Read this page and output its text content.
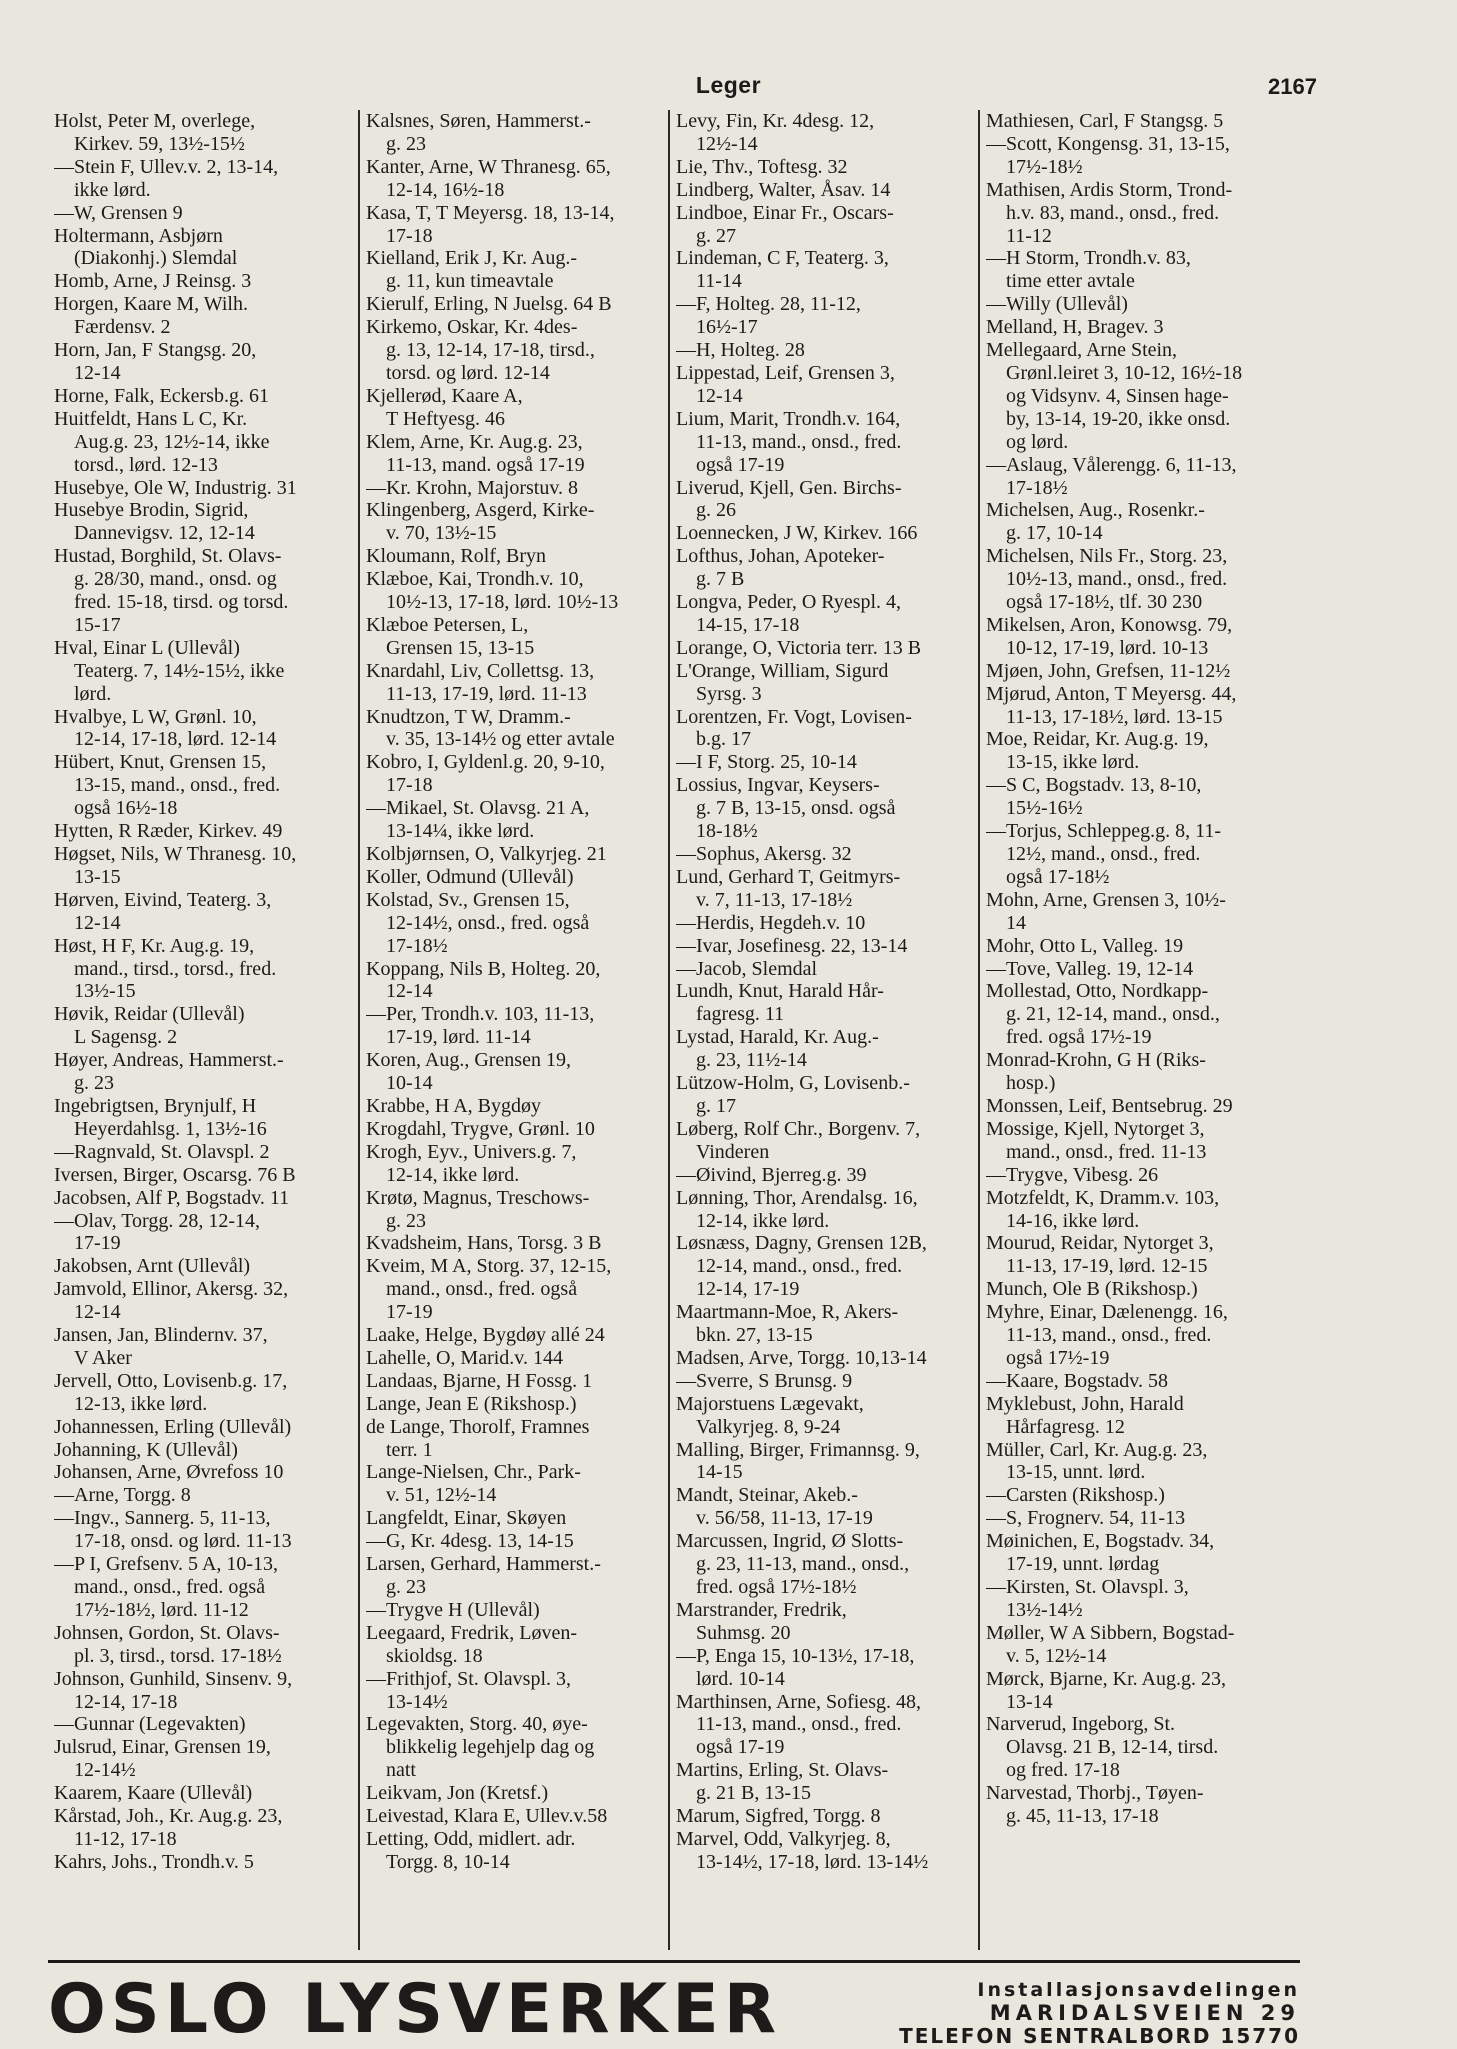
Leger	2167
Holst, Peter M, overlege,
Kirkev. 59, 13½-15½
—Stein F, Ullev.v. 2, 13-14,
ikke lørd.
—W, Grensen 9
Holtermann, Asbjørn
(Diakonhj.) Slemdal
Homb, Arne, J Reinsg. 3
Horgen, Kaare M, Wilh.
Færdensv. 2
Horn, Jan, F Stangsg. 20,
12-14
Horne, Falk, Eckersb.g. 61
Huitfeldt, Hans L C, Kr.
Aug.g. 23, 12½-14, ikke
torsd., lørd. 12-13
Husebye, Ole W, Industrig. 31
Husebye Brodin, Sigrid,
Dannevigsv. 12, 12-14
Hustad, Borghild, St. Olavs-
g. 28/30, mand., onsd. og
fred. 15-18, tirsd. og torsd.
15-17
Hval, Einar L (Ullevål)
Teaterg. 7, 14½-15½, ikke
lørd.
Hvalbye, L W, Grønl. 10,
12-14, 17-18, lørd. 12-14
Hübert, Knut, Grensen 15,
13-15, mand., onsd., fred.
også 16½-18
Hytten, R Ræder, Kirkev. 49
Høgset, Nils, W Thranesg. 10,
13-15
Hørven, Eivind, Teaterg. 3,
12-14
Høst, H F, Kr. Aug.g. 19,
mand., tirsd., torsd., fred.
13½-15
Høvik, Reidar (Ullevål)
L Sagensg. 2
Høyer, Andreas, Hammerst.-
g. 23
Ingebrigtsen, Brynjulf, H
Heyerdahlsg. 1, 13½-16
—Ragnvald, St. Olavspl. 2
Iversen, Birger, Oscarsg. 76 B
Jacobsen, Alf P, Bogstadv. 11
—Olav, Torgg. 28, 12-14,
17-19
Jakobsen, Arnt (Ullevål)
Jamvold, Ellinor, Akersg. 32,
12-14
Jansen, Jan, Blindernv. 37,
V Aker
Jervell, Otto, Lovisenb.g. 17,
12-13, ikke lørd.
Johannessen, Erling (Ullevål)
Johanning, K (Ullevål)
Johansen, Arne, Øvrefoss 10
—Arne, Torgg. 8
—Ingv., Sannerg. 5, 11-13,
17-18, onsd. og lørd. 11-13
—P I, Grefsenv. 5 A, 10-13,
mand., onsd., fred. også
17½-18½, lørd. 11-12
Johnsen, Gordon, St. Olavs-
pl. 3, tirsd., torsd. 17-18½
Johnson, Gunhild, Sinsenv. 9,
12-14, 17-18
—Gunnar (Legevakten)
Julsrud, Einar, Grensen 19,
12-14½
Kaarem, Kaare (Ullevål)
Kårstad, Joh., Kr. Aug.g. 23,
11-12, 17-18
Kahrs, Johs., Trondh.v. 5
Kalsnes, Søren, Hammerst.-
g. 23
Kanter, Arne, W Thranesg. 65,
12-14, 16½-18
Kasa, T, T Meyersg. 18, 13-14,
17-18
Kielland, Erik J, Kr. Aug.-
g. 11, kun timeavtale
Kierulf, Erling, N Juelsg. 64 B
Kirkemo, Oskar, Kr. 4des-
g. 13, 12-14, 17-18, tirsd.,
torsd. og lørd. 12-14
Kjellerød, Kaare A,
T Heftyesg. 46
Klem, Arne, Kr. Aug.g. 23,
11-13, mand. også 17-19
—Kr. Krohn, Majorstuv. 8
Klingenberg, Asgerd, Kirke-
v. 70, 13½-15
Kloumann, Rolf, Bryn
Klæboe, Kai, Trondh.v. 10,
10½-13, 17-18, lørd. 10½-13
Klæboe Petersen, L,
Grensen 15, 13-15
Knardahl, Liv, Collettsg. 13,
11-13, 17-19, lørd. 11-13
Knudtzon, T W, Dramm.-
v. 35, 13-14½ og etter avtale
Kobro, I, Gyldenl.g. 20, 9-10,
17-18
—Mikael, St. Olavsg. 21 A,
13-14¼, ikke lørd.
Kolbjørnsen, O, Valkyrjeg. 21
Koller, Odmund (Ullevål)
Kolstad, Sv., Grensen 15,
12-14½, onsd., fred. også
17-18½
Koppang, Nils B, Holteg. 20,
12-14
—Per, Trondh.v. 103, 11-13,
17-19, lørd. 11-14
Koren, Aug., Grensen 19,
10-14
Krabbe, H A, Bygdøy
Krogdahl, Trygve, Grønl. 10
Krogh, Eyv., Univers.g. 7,
12-14, ikke lørd.
Krøtø, Magnus, Treschows-
g. 23
Kvadsheim, Hans, Torsg. 3 B
Kveim, M A, Storg. 37, 12-15,
mand., onsd., fred. også
17-19
Laake, Helge, Bygdøy allé 24
Lahelle, O, Marid.v. 144
Landaas, Bjarne, H Fossg. 1
Lange, Jean E (Rikshosp.)
de Lange, Thorolf, Framnes
terr. 1
Lange-Nielsen, Chr., Park-
v. 51, 12½-14
Langfeldt, Einar, Skøyen
—G, Kr. 4desg. 13, 14-15
Larsen, Gerhard, Hammerst.-
g. 23
—Trygve H (Ullevål)
Leegaard, Fredrik, Løven-
skioldsg. 18
—Frithjof, St. Olavspl. 3,
13-14½
Legevakten, Storg. 40, øye-
blikkelig legehjelp dag og
natt
Leikvam, Jon (Kretsf.)
Leivestad, Klara E, Ullev.v.58
Letting, Odd, midlert. adr.
Torgg. 8, 10-14
Levy, Fin, Kr. 4desg. 12,
12½-14
Lie, Thv., Toftesg. 32
Lindberg, Walter, Åsav. 14
Lindboe, Einar Fr., Oscars-
g. 27
Lindeman, C F, Teaterg. 3,
11-14
—F, Holteg. 28, 11-12,
16½-17
—H, Holteg. 28
Lippestad, Leif, Grensen 3,
12-14
Lium, Marit, Trondh.v. 164,
11-13, mand., onsd., fred.
også 17-19
Liverud, Kjell, Gen. Birchs-
g. 26
Loennecken, J W, Kirkev. 166
Lofthus, Johan, Apoteker-
g. 7 B
Longva, Peder, O Ryespl. 4,
14-15, 17-18
Lorange, O, Victoria terr. 13 B
L'Orange, William, Sigurd
Syrsg. 3
Lorentzen, Fr. Vogt, Lovisen-
b.g. 17
—I F, Storg. 25, 10-14
Lossius, Ingvar, Keysers-
g. 7 B, 13-15, onsd. også
18-18½
—Sophus, Akersg. 32
Lund, Gerhard T, Geitmyrs-
v. 7, 11-13, 17-18½
—Herdis, Hegdeh.v. 10
—Ivar, Josefinesg. 22, 13-14
—Jacob, Slemdal
Lundh, Knut, Harald Hår-
fagresg. 11
Lystad, Harald, Kr. Aug.-
g. 23, 11½-14
Lützow-Holm, G, Lovisenb.-
g. 17
Løberg, Rolf Chr., Borgenv. 7,
Vinderen
—Øivind, Bjerreg.g. 39
Lønning, Thor, Arendalsg. 16,
12-14, ikke lørd.
Løsnæss, Dagny, Grensen 12B,
12-14, mand., onsd., fred.
12-14, 17-19
Maartmann-Moe, R, Akers-
bkn. 27, 13-15
Madsen, Arve, Torgg. 10,13-14
—Sverre, S Brunsg. 9
Majorstuens Lægevakt,
Valkyrjeg. 8, 9-24
Malling, Birger, Frimannsg. 9,
14-15
Mandt, Steinar, Akeb.-
v. 56/58, 11-13, 17-19
Marcussen, Ingrid, Ø Slotts-
g. 23, 11-13, mand., onsd.,
fred. også 17½-18½
Marstrander, Fredrik,
Suhmsg. 20
—P, Enga 15, 10-13½, 17-18,
lørd. 10-14
Marthinsen, Arne, Sofiesg. 48,
11-13, mand., onsd., fred.
også 17-19
Martins, Erling, St. Olavs-
g. 21 B, 13-15
Marum, Sigfred, Torgg. 8
Marvel, Odd, Valkyrjeg. 8,
13-14½, 17-18, lørd. 13-14½
Mathiesen, Carl, F Stangsg. 5
—Scott, Kongensg. 31, 13-15,
17½-18½
Mathisen, Ardis Storm, Trond-
h.v. 83, mand., onsd., fred.
11-12
—H Storm, Trondh.v. 83,
time etter avtale
—Willy (Ullevål)
Melland, H, Bragev. 3
Mellegaard, Arne Stein,
Grønl.leiret 3, 10-12, 16½-18
og Vidsynv. 4, Sinsen hage-
by, 13-14, 19-20, ikke onsd.
og lørd.
—Aslaug, Vålerengg. 6, 11-13,
17-18½
Michelsen, Aug., Rosenkr.-
g. 17, 10-14
Michelsen, Nils Fr., Storg. 23,
10½-13, mand., onsd., fred.
også 17-18½, tlf. 30 230
Mikelsen, Aron, Konowsg. 79,
10-12, 17-19, lørd. 10-13
Mjøen, John, Grefsen, 11-12½
Mjørud, Anton, T Meyersg. 44,
11-13, 17-18½, lørd. 13-15
Moe, Reidar, Kr. Aug.g. 19,
13-15, ikke lørd.
—S C, Bogstadv. 13, 8-10,
15½-16½
—Torjus, Schleppeg.g. 8, 11-
12½, mand., onsd., fred.
også 17-18½
Mohn, Arne, Grensen 3, 10½-
14
Mohr, Otto L, Valleg. 19
—Tove, Valleg. 19, 12-14
Mollestad, Otto, Nordkapp-
g. 21, 12-14, mand., onsd.,
fred. også 17½-19
Monrad-Krohn, G H (Riks-
hosp.)
Monssen, Leif, Bentsebrug. 29
Mossige, Kjell, Nytorget 3,
mand., onsd., fred. 11-13
—Trygve, Vibesg. 26
Motzfeldt, K, Dramm.v. 103,
14-16, ikke lørd.
Mourud, Reidar, Nytorget 3,
11-13, 17-19, lørd. 12-15
Munch, Ole B (Rikshosp.)
Myhre, Einar, Dælenengg. 16,
11-13, mand., onsd., fred.
også 17½-19
—Kaare, Bogstadv. 58
Myklebust, John, Harald
Hårfagresg. 12
Müller, Carl, Kr. Aug.g. 23,
13-15, unnt. lørd.
—Carsten (Rikshosp.)
—S, Frognerv. 54, 11-13
Møinichen, E, Bogstadv. 34,
17-19, unnt. lørdag
—Kirsten, St. Olavspl. 3,
13½-14½
Møller, W A Sibbern, Bogstad-
v. 5, 12½-14
Mørck, Bjarne, Kr. Aug.g. 23,
13-14
Narverud, Ingeborg, St.
Olavsg. 21 B, 12-14, tirsd.
og fred. 17-18
Narvestad, Thorbj., Tøyen-
g. 45, 11-13, 17-18
OSLO LYSVERKER	Installasjonsavdelingen
MARIDALSVEIEN 29
TELEFON SENTRALBORD 15770
